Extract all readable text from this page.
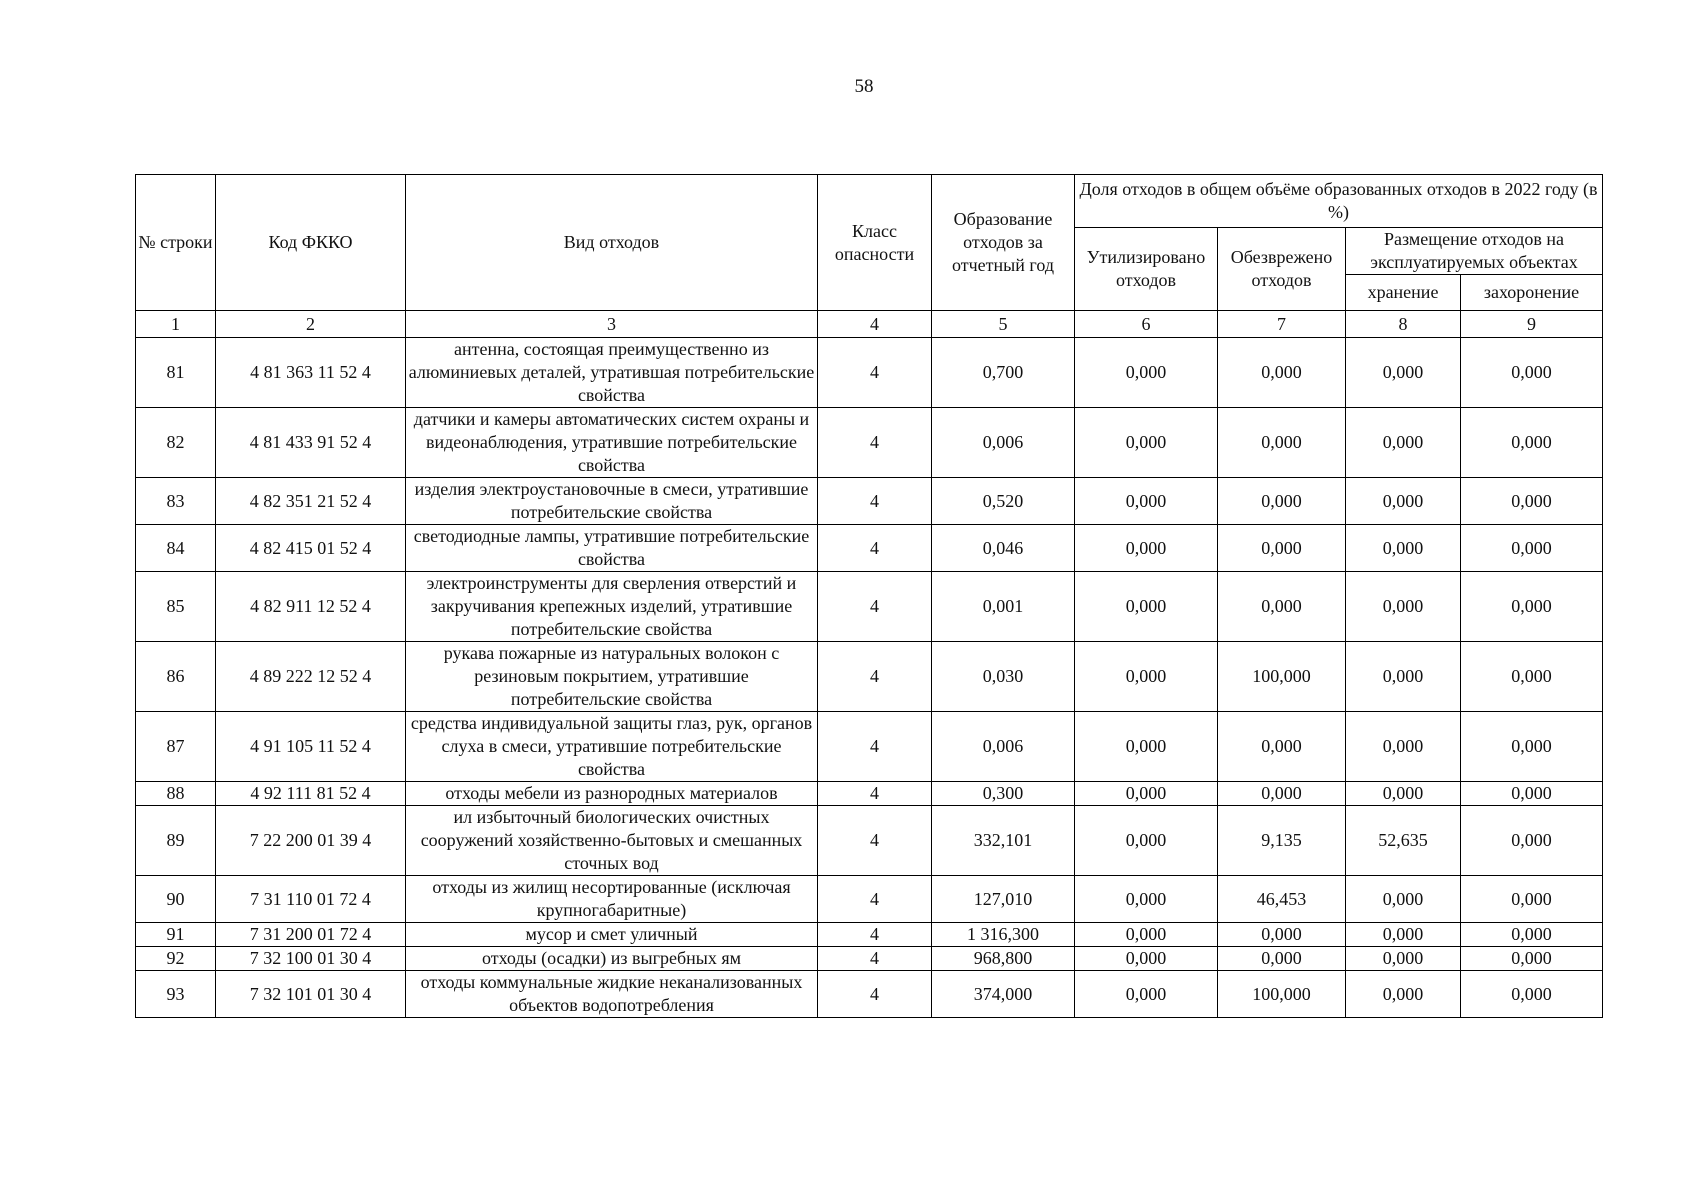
58
№ строки	Код ФККО	Вид отходов	Класс опасности	Образование отходов за отчетный год	Доля отходов в общем объёме образованных отходов в 2022 году (в %)			
					Утилизировано отходов	Обезврежено отходов	Размещение отходов на эксплуатируемых объектах	
							хранение	захоронение
1	2	3	4	5	6	7	8	9
81	4 81 363 11 52 4	антенна, состоящая преимущественно из алюминиевых деталей, утратившая потребительские свойства	4	0,700	0,000	0,000	0,000	0,000
82	4 81 433 91 52 4	датчики и камеры автоматических систем охраны и видеонаблюдения, утратившие потребительские свойства	4	0,006	0,000	0,000	0,000	0,000
83	4 82 351 21 52 4	изделия электроустановочные в смеси, утратившие потребительские свойства	4	0,520	0,000	0,000	0,000	0,000
84	4 82 415 01 52 4	светодиодные лампы, утратившие потребительские свойства	4	0,046	0,000	0,000	0,000	0,000
85	4 82 911 12 52 4	электроинструменты для сверления отверстий и закручивания крепежных изделий, утратившие потребительские свойства	4	0,001	0,000	0,000	0,000	0,000
86	4 89 222 12 52 4	рукава пожарные из натуральных волокон с резиновым покрытием, утратившие потребительские свойства	4	0,030	0,000	100,000	0,000	0,000
87	4 91 105 11 52 4	средства индивидуальной защиты глаз, рук, органов слуха в смеси, утратившие потребительские свойства	4	0,006	0,000	0,000	0,000	0,000
88	4 92 111 81 52 4	отходы мебели из разнородных материалов	4	0,300	0,000	0,000	0,000	0,000
89	7 22 200 01 39 4	ил избыточный биологических очистных сооружений хозяйственно-бытовых и смешанных сточных вод	4	332,101	0,000	9,135	52,635	0,000
90	7 31 110 01 72 4	отходы из жилищ несортированные (исключая крупногабаритные)	4	127,010	0,000	46,453	0,000	0,000
91	7 31 200 01 72 4	мусор и смет уличный	4	1 316,300	0,000	0,000	0,000	0,000
92	7 32 100 01 30 4	отходы (осадки) из выгребных ям	4	968,800	0,000	0,000	0,000	0,000
93	7 32 101 01 30 4	отходы коммунальные жидкие неканализованных объектов водопотребления	4	374,000	0,000	100,000	0,000	0,000
